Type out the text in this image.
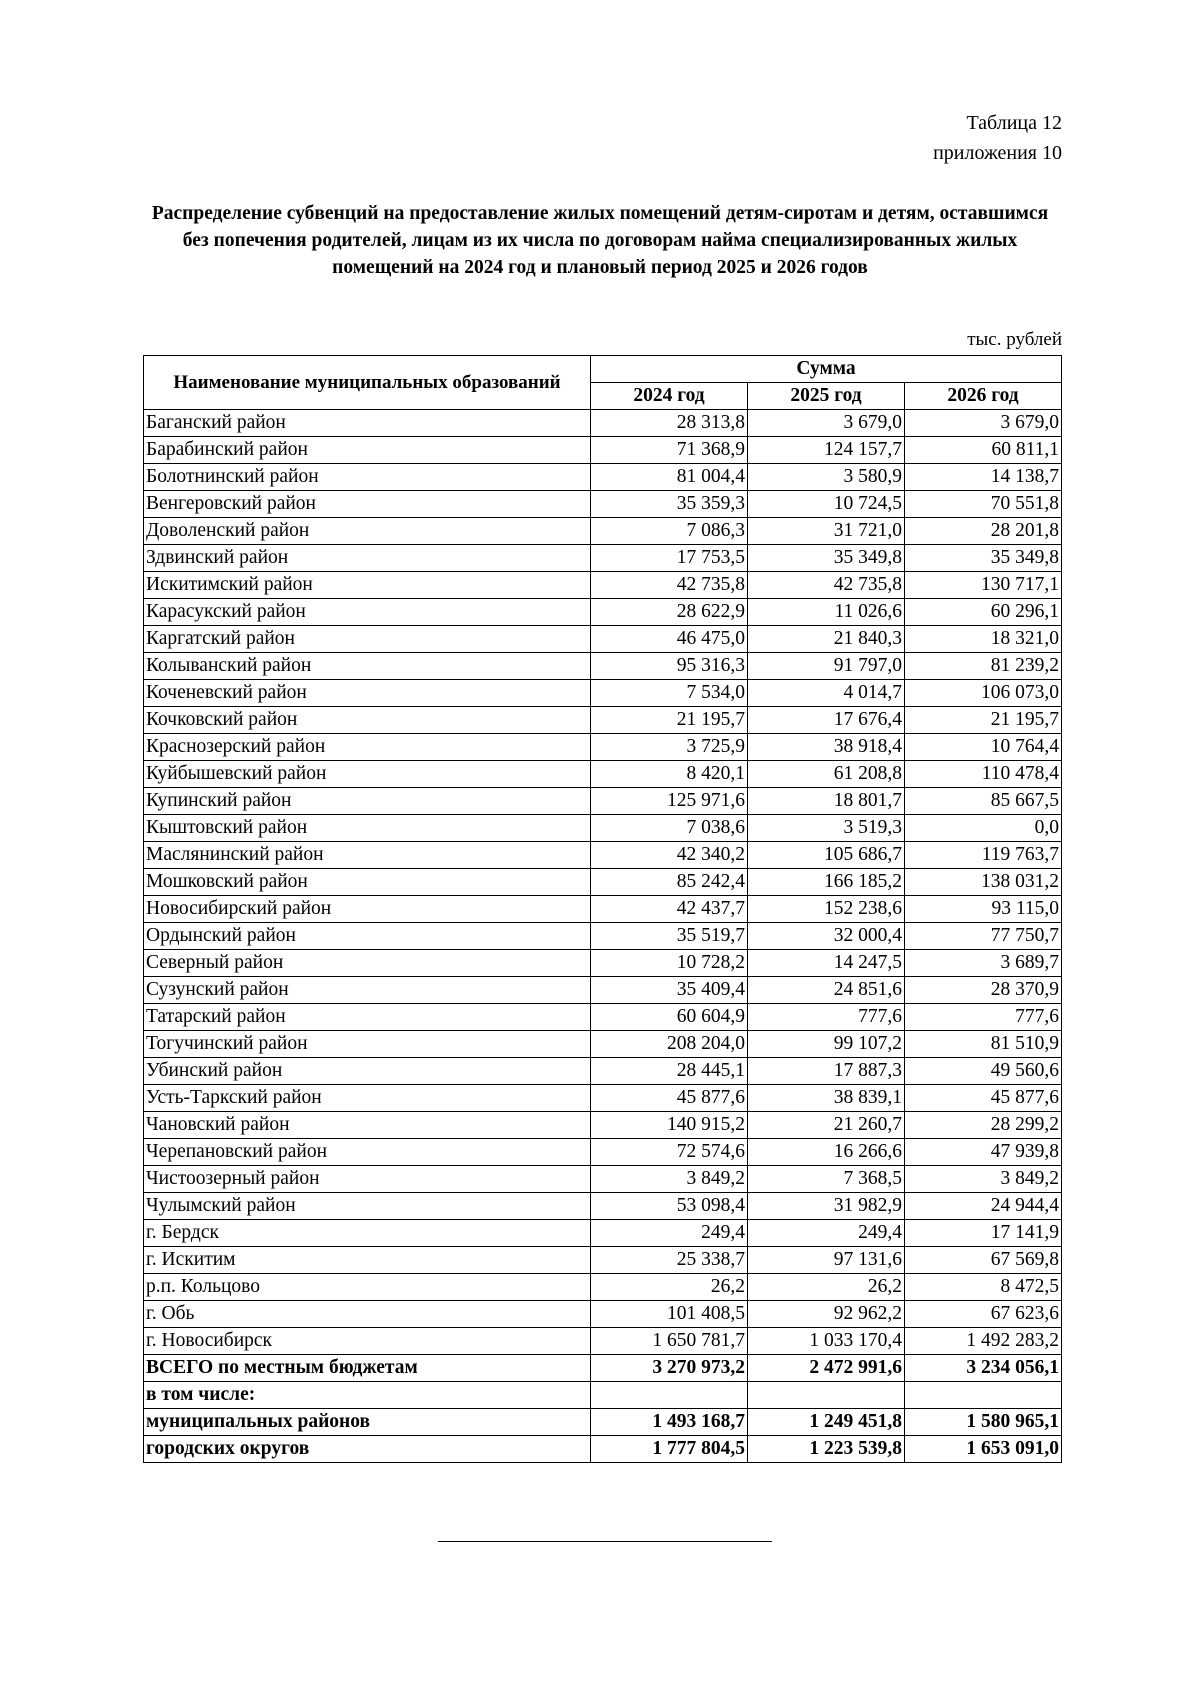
Таблица 12
приложения 10
Распределение субвенций на предоставление жилых помещений детям-сиротам и детям, оставшимся без попечения родителей, лицам из их числа по договорам найма специализированных жилых помещений на 2024 год и плановый период 2025 и 2026 годов
тыс. рублей
Наименование муниципальных образований	Сумма		
	2024 год	2025 год	2026 год
Баганский район	28 313,8	3 679,0	3 679,0
Барабинский район	71 368,9	124 157,7	60 811,1
Болотнинский район	81 004,4	3 580,9	14 138,7
Венгеровский район	35 359,3	10 724,5	70 551,8
Доволенский район	7 086,3	31 721,0	28 201,8
Здвинский район	17 753,5	35 349,8	35 349,8
Искитимский район	42 735,8	42 735,8	130 717,1
Карасукский район	28 622,9	11 026,6	60 296,1
Каргатский район	46 475,0	21 840,3	18 321,0
Колыванский район	95 316,3	91 797,0	81 239,2
Коченевский район	7 534,0	4 014,7	106 073,0
Кочковский район	21 195,7	17 676,4	21 195,7
Краснозерский район	3 725,9	38 918,4	10 764,4
Куйбышевский район	8 420,1	61 208,8	110 478,4
Купинский район	125 971,6	18 801,7	85 667,5
Кыштовский район	7 038,6	3 519,3	0,0
Маслянинский район	42 340,2	105 686,7	119 763,7
Мошковский район	85 242,4	166 185,2	138 031,2
Новосибирский район	42 437,7	152 238,6	93 115,0
Ордынский район	35 519,7	32 000,4	77 750,7
Северный район	10 728,2	14 247,5	3 689,7
Сузунский район	35 409,4	24 851,6	28 370,9
Татарский район	60 604,9	777,6	777,6
Тогучинский район	208 204,0	99 107,2	81 510,9
Убинский район	28 445,1	17 887,3	49 560,6
Усть-Таркский район	45 877,6	38 839,1	45 877,6
Чановский район	140 915,2	21 260,7	28 299,2
Черепановский район	72 574,6	16 266,6	47 939,8
Чистоозерный район	3 849,2	7 368,5	3 849,2
Чулымский район	53 098,4	31 982,9	24 944,4
г. Бердск	249,4	249,4	17 141,9
г. Искитим	25 338,7	97 131,6	67 569,8
р.п. Кольцово	26,2	26,2	8 472,5
г. Обь	101 408,5	92 962,2	67 623,6
г. Новосибирск	1 650 781,7	1 033 170,4	1 492 283,2
ВСЕГО по местным бюджетам	3 270 973,2	2 472 991,6	3 234 056,1
в том числе:			
муниципальных районов	1 493 168,7	1 249 451,8	1 580 965,1
городских округов	1 777 804,5	1 223 539,8	1 653 091,0
